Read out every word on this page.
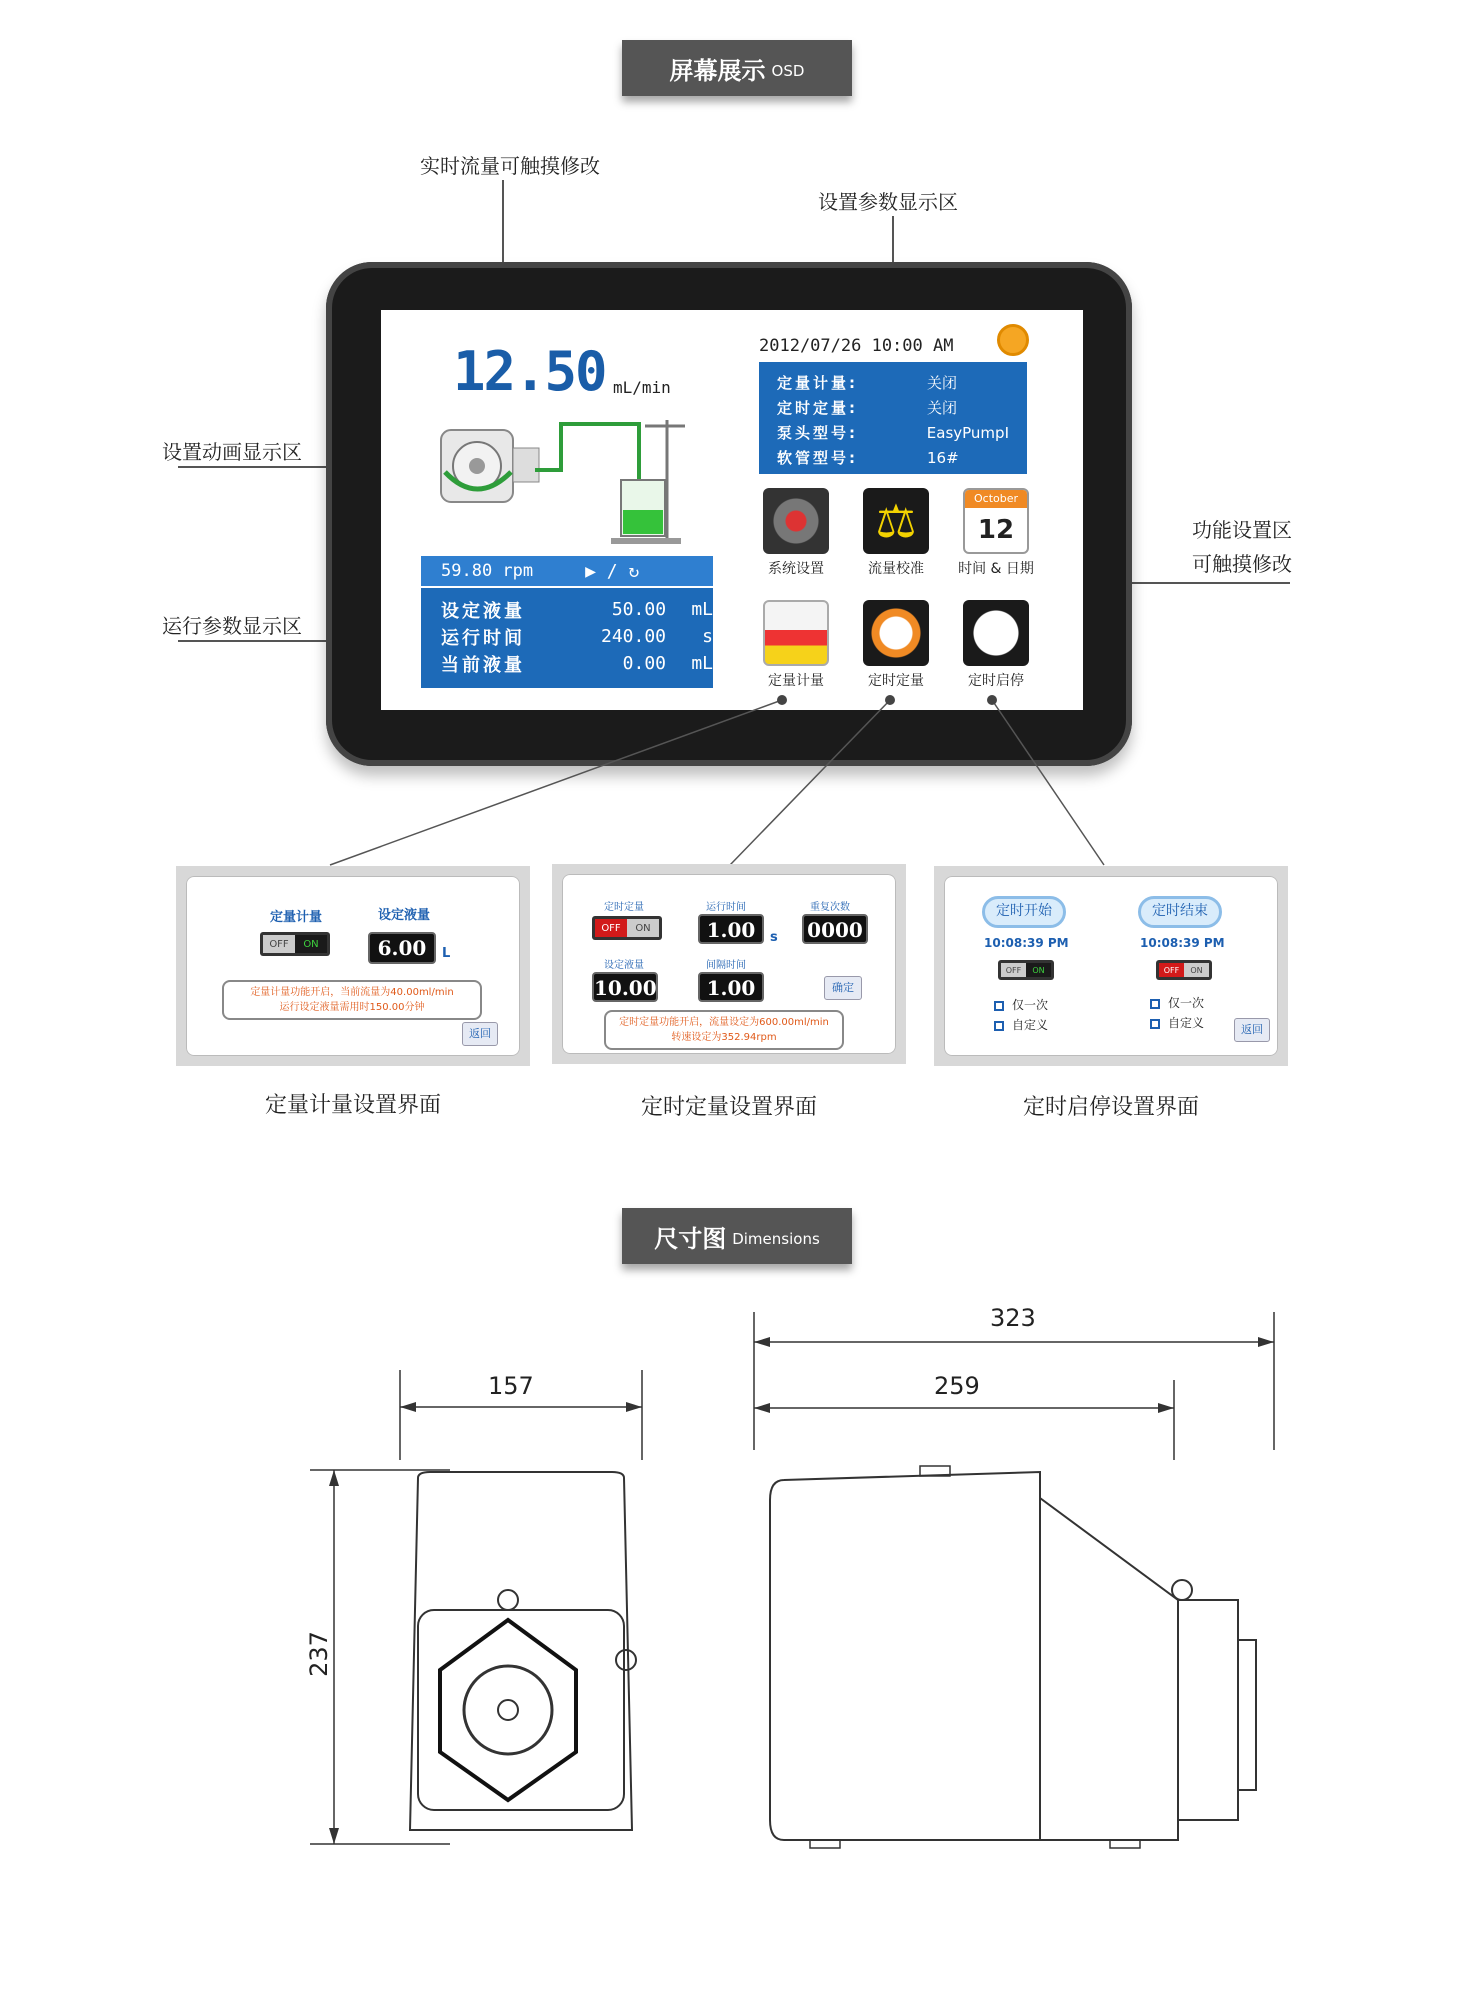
屏幕展示 OSD
实时流量可触摸修改
设置参数显示区
设置动画显示区
功能设置区
可触摸修改
运行参数显示区
12.50 mL/min
2012/07/26 10:00 AM
定量计量:	关闭
定时定量:	关闭
泵头型号:	EasyPumpⅠ
软管型号:	16#
59.80 rpm	▶ / ↻
设定液量	50.00	mL
运行时间	240.00	s
当前液量	0.00	mL
系统设置
⚖
流量校准
October
12
时间 & 日期
定量计量	定时定量	定时启停
定量计量	设定液量
OFF	ON	6.00	L
定量计量功能开启，当前流量为40.00ml/min
运行设定液量需用时150.00分钟
返回
定量计量设置界面
定时定量	运行时间	重复次数
OFF	ON	1.00	s 0000
设定液量	间隔时间
10.00	1.00	确定
定时定量功能开启，流量设定为600.00ml/min
转速设定为352.94rpm
定时定量设置界面
定时开始	定时结束
10:08:39 PM	10:08:39 PM
OFF	ON	OFF	ON
仅一次
自定义
仅一次
自定义	返回
定时启停设置界面
尺寸图 Dimensions
157
237
323
259
